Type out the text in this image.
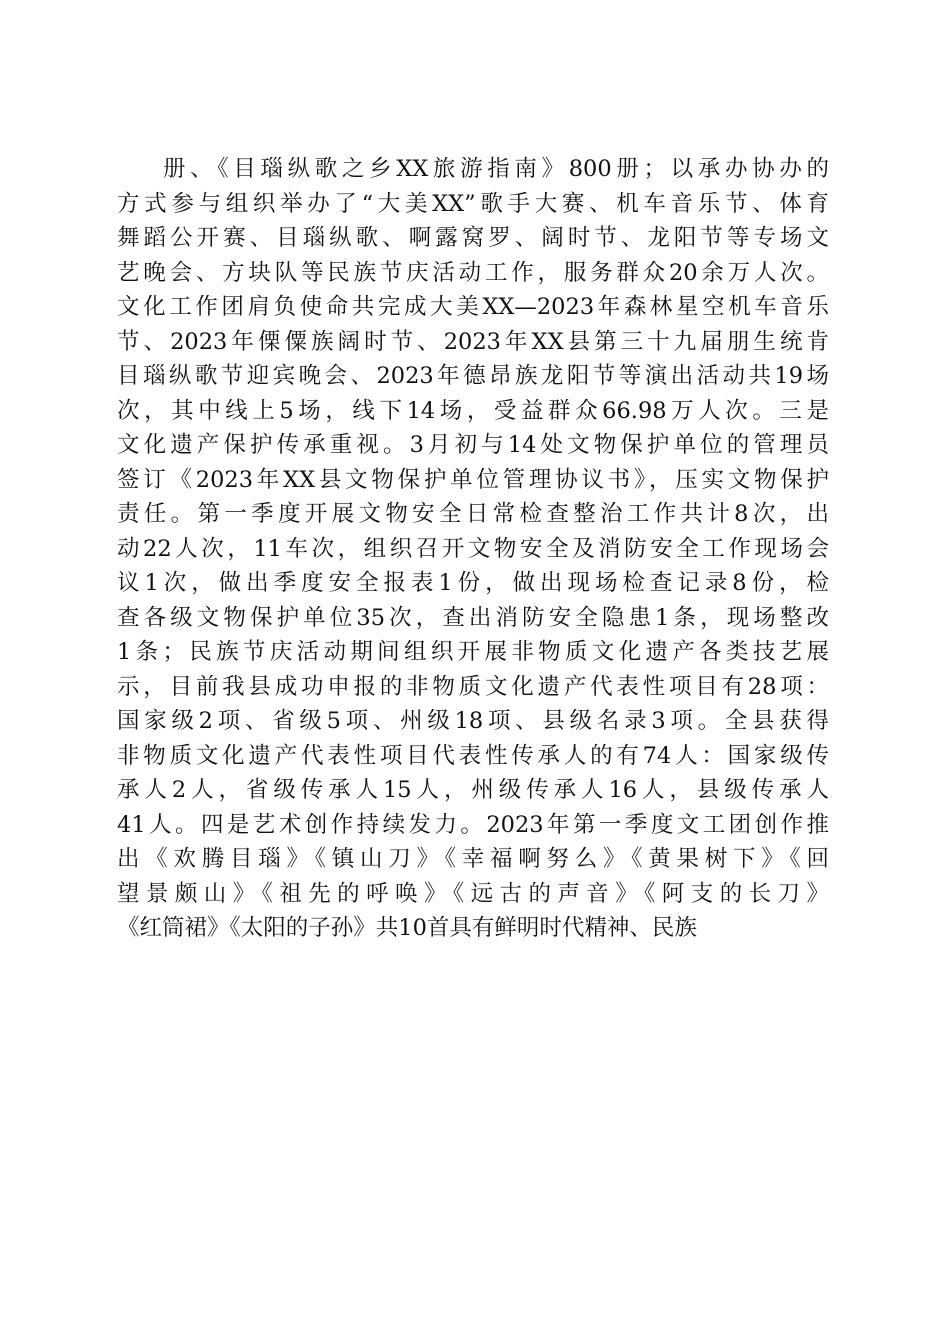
册、《目瑙纵歌之乡XX旅游指南》800册；以承办协办的
方式参与组织举办了“大美XX”歌手大赛、机车音乐节、体育
舞蹈公开赛、目瑙纵歌、啊露窝罗、阔时节、龙阳节等专场文
艺晚会、方块队等民族节庆活动工作，服务群众20余万人次。
文化工作团肩负使命共完成大美XX—2023年森林星空机车音乐
节、2023年傈僳族阔时节、2023年XX县第三十九届朋生统肯
目瑙纵歌节迎宾晚会、2023年德昂族龙阳节等演出活动共19场
次，其中线上5场，线下14场，受益群众66.98万人次。三是
文化遗产保护传承重视。3月初与14处文物保护单位的管理员
签订《2023年XX县文物保护单位管理协议书》，压实文物保护
责任。第一季度开展文物安全日常检查整治工作共计8次，出
动22人次，11车次，组织召开文物安全及消防安全工作现场会
议1次，做出季度安全报表1份，做出现场检查记录8份，检
查各级文物保护单位35次，查出消防安全隐患1条，现场整改
1条；民族节庆活动期间组织开展非物质文化遗产各类技艺展
示，目前我县成功申报的非物质文化遗产代表性项目有28项：
国家级2项、省级5项、州级18项、县级名录3项。全县获得
非物质文化遗产代表性项目代表性传承人的有74人：国家级传
承人2人，省级传承人15人，州级传承人16人，县级传承人
41人。四是艺术创作持续发力。2023年第一季度文工团创作推
出《欢腾目瑙》《镇山刀》《幸福啊努么》《黄果树下》《回
望景颇山》《祖先的呼唤》《远古的声音》《阿支的长刀》
《红筒裙》《太阳的子孙》共10首具有鲜明时代精神、民族
